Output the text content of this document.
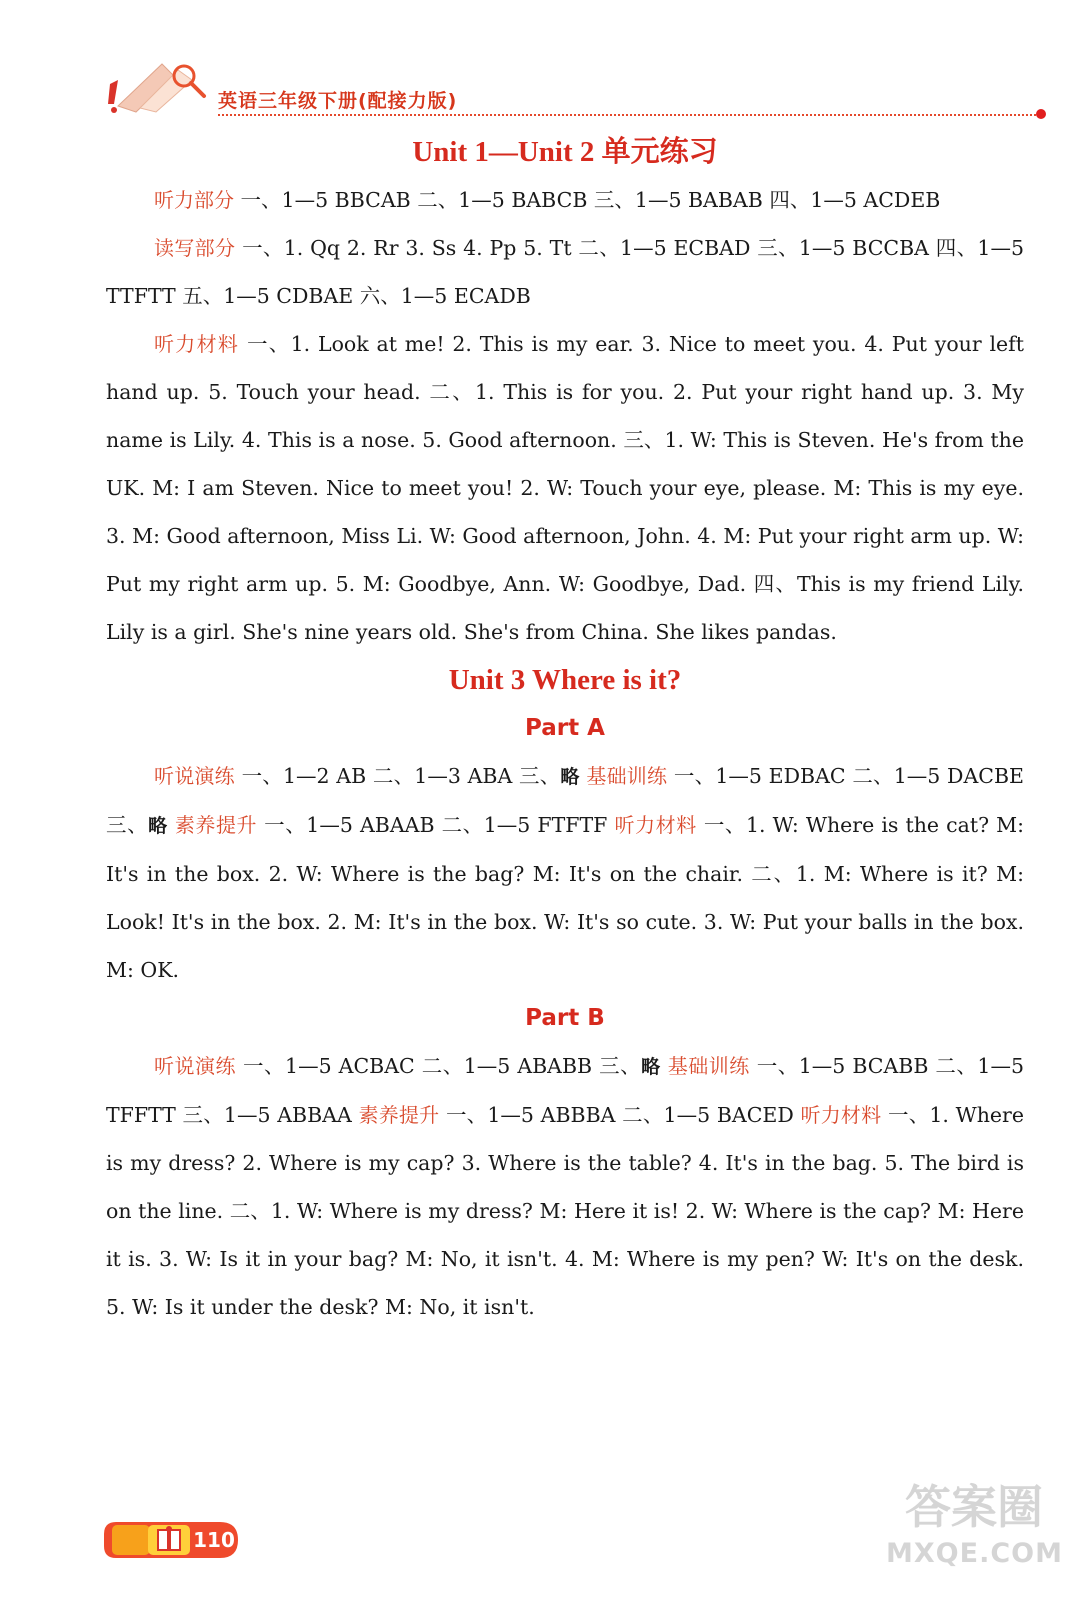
英语三年级下册(配接力版)
Unit 1—Unit 2 单元练习

听力部分 一、1—5 BBCAB 二、1—5 BABCB 三、1—5 BABAB 四、1—5 ACDEB

读写部分 一、1. Qq 2. Rr 3. Ss 4. Pp 5. Tt 二、1—5 ECBAD 三、1—5 BCCBA 四、1—5 TTFTT 五、1—5 CDBAE 六、1—5 ECADB

听力材料 一、1. Look at me! 2. This is my ear. 3. Nice to meet you. 4. Put your left hand up. 5. Touch your head. 二、1. This is for you. 2. Put your right hand up. 3. My name is Lily. 4. This is a nose. 5. Good afternoon. 三、1. W: This is Steven. He's from the UK. M: I am Steven. Nice to meet you! 2. W: Touch your eye, please. M: This is my eye. 3. M: Good afternoon, Miss Li. W: Good afternoon, John. 4. M: Put your right arm up. W: Put my right arm up. 5. M: Goodbye, Ann. W: Goodbye, Dad. 四、This is my friend Lily. Lily is a girl. She's nine years old. She's from China. She likes pandas.

Unit 3 Where is it?
Part A

听说演练 一、1—2 AB 二、1—3 ABA 三、略 基础训练 一、1—5 EDBAC 二、1—5 DACBE 三、略 素养提升 一、1—5 ABAAB 二、1—5 FTFTF 听力材料 一、1. W: Where is the cat? M: It's in the box. 2. W: Where is the bag? M: It's on the chair. 二、1. M: Where is it? M: Look! It's in the box. 2. M: It's in the box. W: It's so cute. 3. W: Put your balls in the box. M: OK.

Part B

听说演练 一、1—5 ACBAC 二、1—5 ABABB 三、略 基础训练 一、1—5 BCABB 二、1—5 TFFTT 三、1—5 ABBAA 素养提升 一、1—5 ABBBA 二、1—5 BACED 听力材料 一、1. Where is my dress? 2. Where is my cap? 3. Where is the table? 4. It's in the bag. 5. The bird is on the line. 二、1. W: Where is my dress? M: Here it is! 2. W: Where is the cap? M: Here it is. 3. W: Is it in your bag? M: No, it isn't. 4. M: Where is my pen? W: It's on the desk. 5. W: Is it under the desk? M: No, it isn't.

110
答案圈
MXQE.COM
